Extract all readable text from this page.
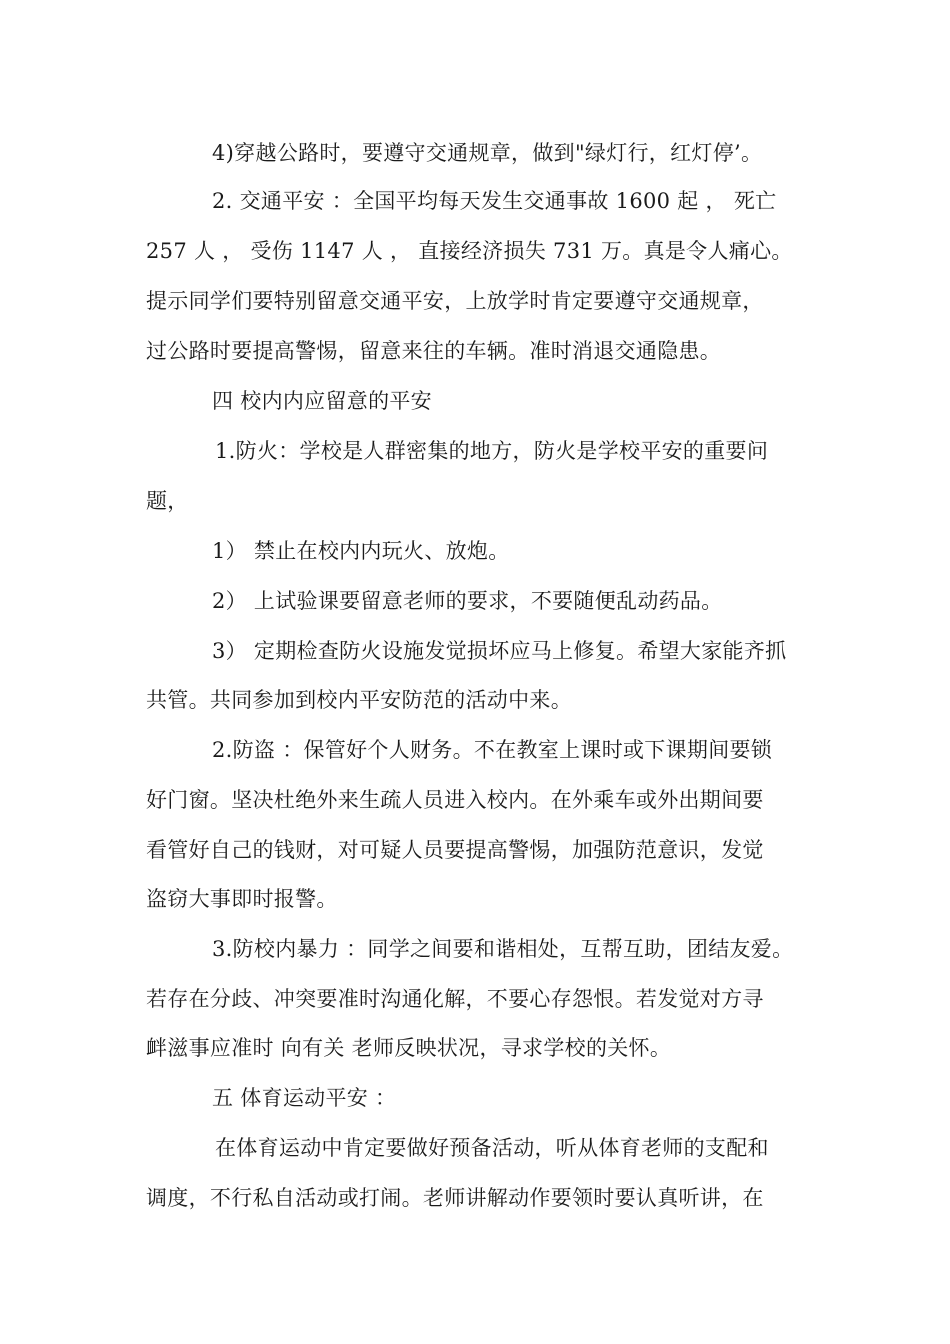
4)穿越公路时，要遵守交通规章，做到"绿灯行，红灯停’。
2. 交通平安 ：全国平均每天发生交通事故 1600 起 ， 死亡
257 人 ， 受伤 1147 人 ， 直接经济损失 731 万。真是令人痛心。
提示同学们要特别留意交通平安，上放学时肯定要遵守交通规章，
过公路时要提高警惕，留意来往的车辆。准时消退交通隐患。
四 校内内应留意的平安
1.防火：学校是人群密集的地方，防火是学校平安的重要问
题，
1） 禁止在校内内玩火、放炮。
2） 上试验课要留意老师的要求，不要随便乱动药品。
3） 定期检查防火设施发觉损坏应马上修复。希望大家能齐抓
共管。共同参加到校内平安防范的活动中来。
2.防盗 ：保管好个人财务。不在教室上课时或下课期间要锁
好门窗。坚决杜绝外来生疏人员进入校内。在外乘车或外出期间要
看管好自己的钱财，对可疑人员要提高警惕，加强防范意识，发觉
盗窃大事即时报警。
3.防校内暴力 ：同学之间要和谐相处，互帮互助，团结友爱。
若存在分歧、冲突要准时沟通化解，不要心存怨恨。若发觉对方寻
衅滋事应准时 向有关 老师反映状况，寻求学校的关怀。
五 体育运动平安 ：
在体育运动中肯定要做好预备活动，听从体育老师的支配和
调度，不行私自活动或打闹。老师讲解动作要领时要认真听讲，在
